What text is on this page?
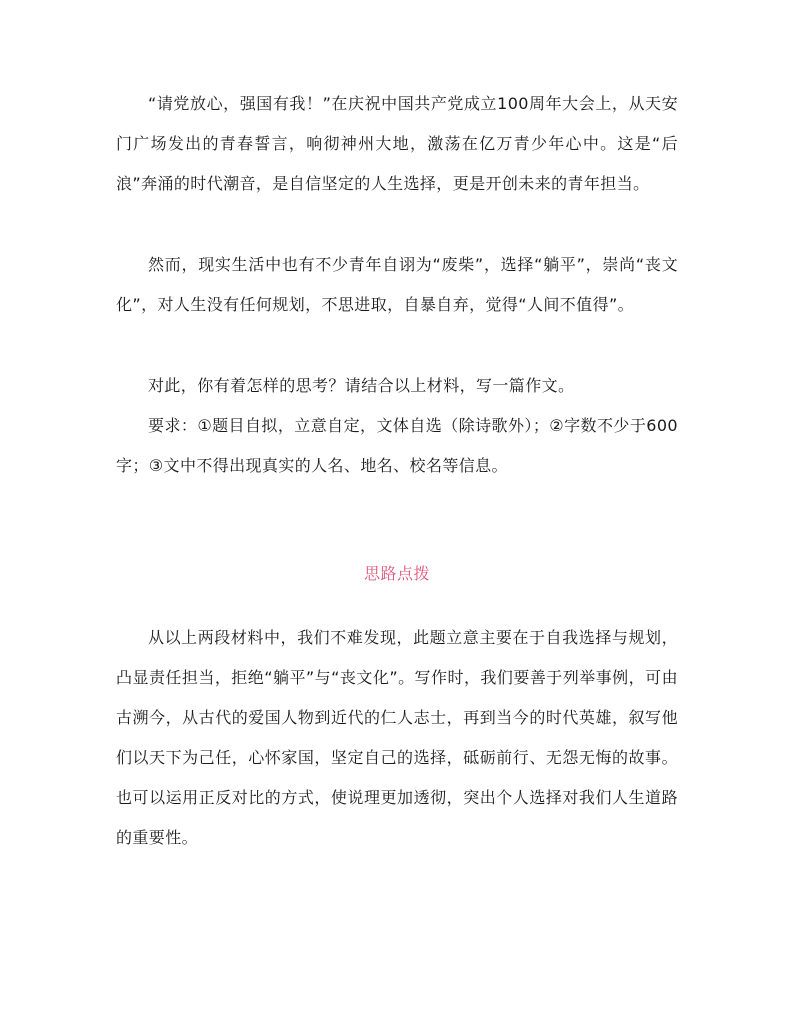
“请党放心，强国有我！”在庆祝中国共产党成立100周年大会上，从天安门广场发出的青春誓言，响彻神州大地，激荡在亿万青少年心中。这是“后浪”奔涌的时代潮音，是自信坚定的人生选择，更是开创未来的青年担当。

然而，现实生活中也有不少青年自诩为“废柴”，选择“躺平”，崇尚“丧文化”，对人生没有任何规划，不思进取，自暴自弃，觉得“人间不值得”。

对此，你有着怎样的思考？请结合以上材料，写一篇作文。

要求：①题目自拟，立意自定，文体自选（除诗歌外）；②字数不少于600字；③文中不得出现真实的人名、地名、校名等信息。

思路点拨

从以上两段材料中，我们不难发现，此题立意主要在于自我选择与规划，凸显责任担当，拒绝“躺平”与“丧文化”。写作时，我们要善于列举事例，可由古溯今，从古代的爱国人物到近代的仁人志士，再到当今的时代英雄，叙写他们以天下为己任，心怀家国，坚定自己的选择，砥砺前行、无怨无悔的故事。也可以运用正反对比的方式，使说理更加透彻，突出个人选择对我们人生道路的重要性。
